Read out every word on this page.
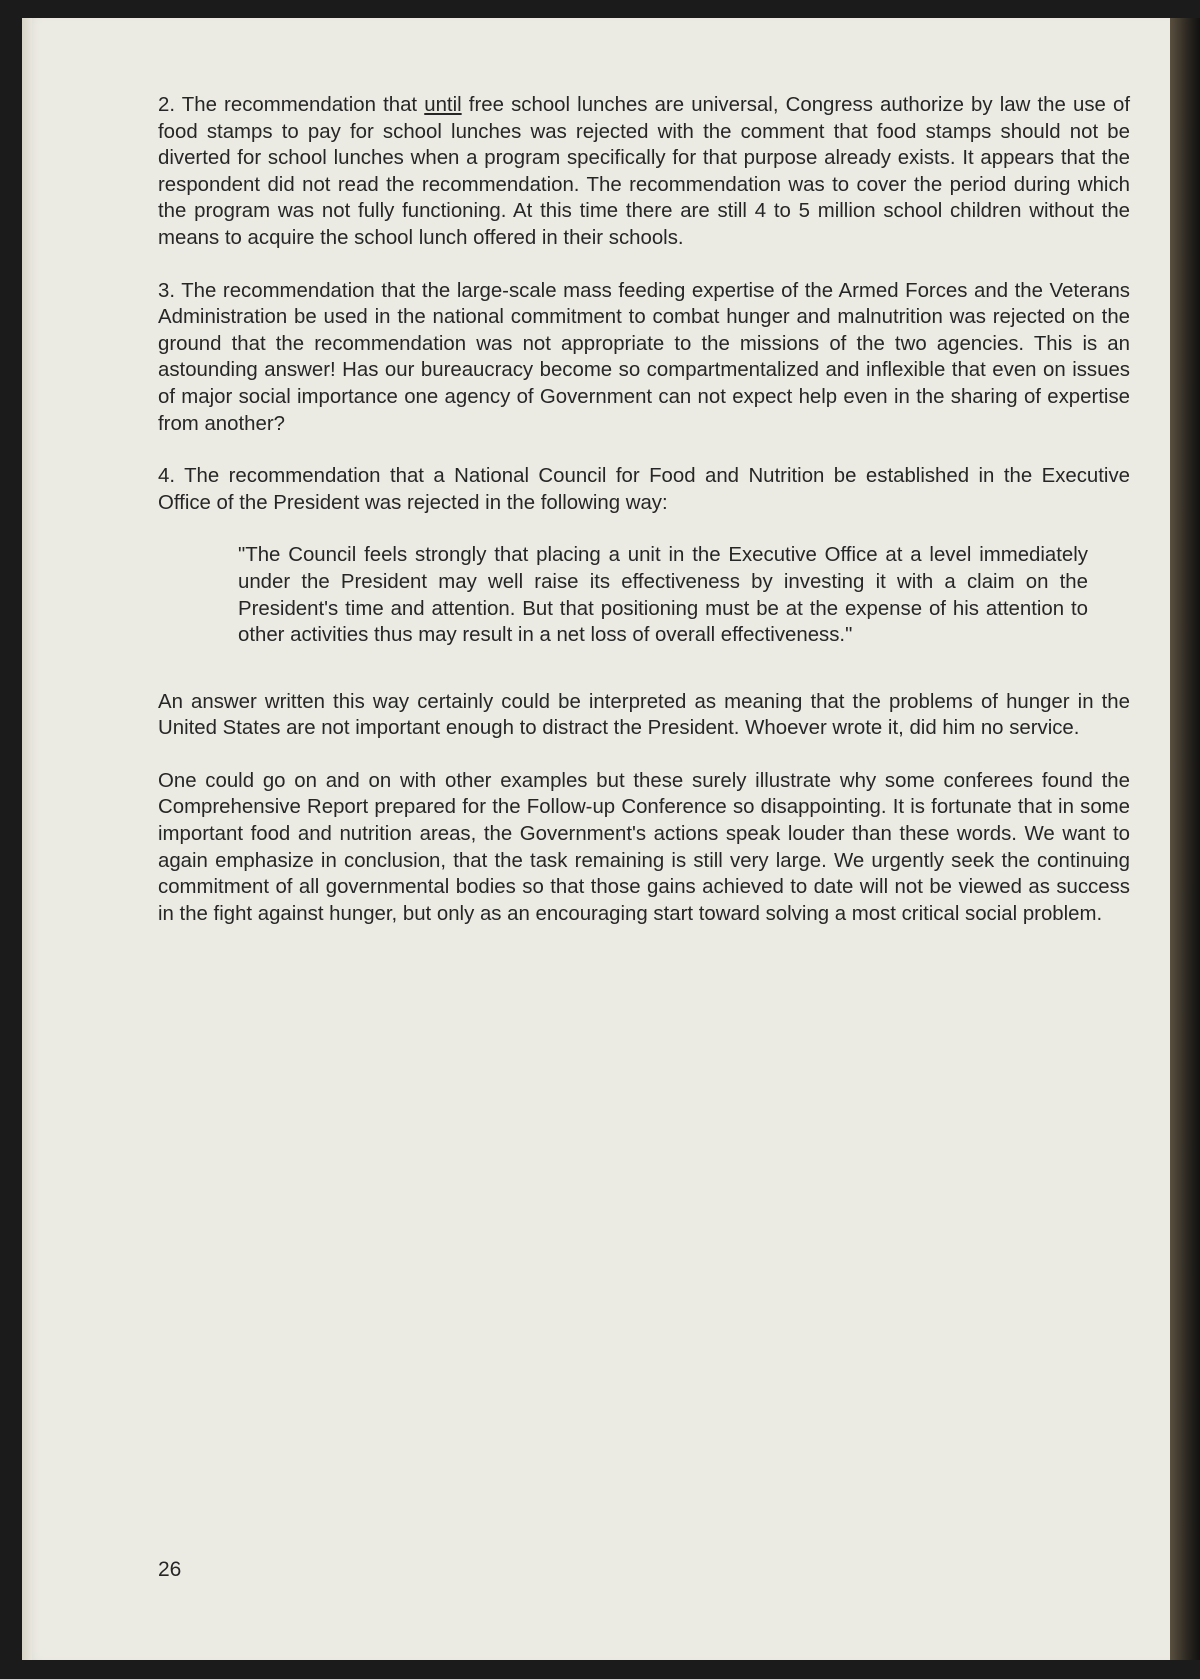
2. The recommendation that until free school lunches are universal, Congress authorize by law the use of food stamps to pay for school lunches was rejected with the comment that food stamps should not be diverted for school lunches when a program specifically for that purpose already exists. It appears that the respondent did not read the recommendation. The recommendation was to cover the period during which the program was not fully functioning. At this time there are still 4 to 5 million school children without the means to acquire the school lunch offered in their schools.

3. The recommendation that the large-scale mass feeding expertise of the Armed Forces and the Veterans Administration be used in the national commitment to combat hunger and malnutrition was rejected on the ground that the recommendation was not appropriate to the missions of the two agencies. This is an astounding answer! Has our bureaucracy become so compartmentalized and inflexible that even on issues of major social importance one agency of Government can not expect help even in the sharing of expertise from another?

4. The recommendation that a National Council for Food and Nutrition be established in the Executive Office of the President was rejected in the following way:

"The Council feels strongly that placing a unit in the Executive Office at a level immediately under the President may well raise its effectiveness by investing it with a claim on the President's time and attention. But that positioning must be at the expense of his attention to other activities thus may result in a net loss of overall effectiveness."

An answer written this way certainly could be interpreted as meaning that the problems of hunger in the United States are not important enough to distract the President. Whoever wrote it, did him no service.

One could go on and on with other examples but these surely illustrate why some conferees found the Comprehensive Report prepared for the Follow-up Conference so disappointing. It is fortunate that in some important food and nutrition areas, the Government's actions speak louder than these words. We want to again emphasize in conclusion, that the task remaining is still very large. We urgently seek the continuing commitment of all governmental bodies so that those gains achieved to date will not be viewed as success in the fight against hunger, but only as an encouraging start toward solving a most critical social problem.

26
